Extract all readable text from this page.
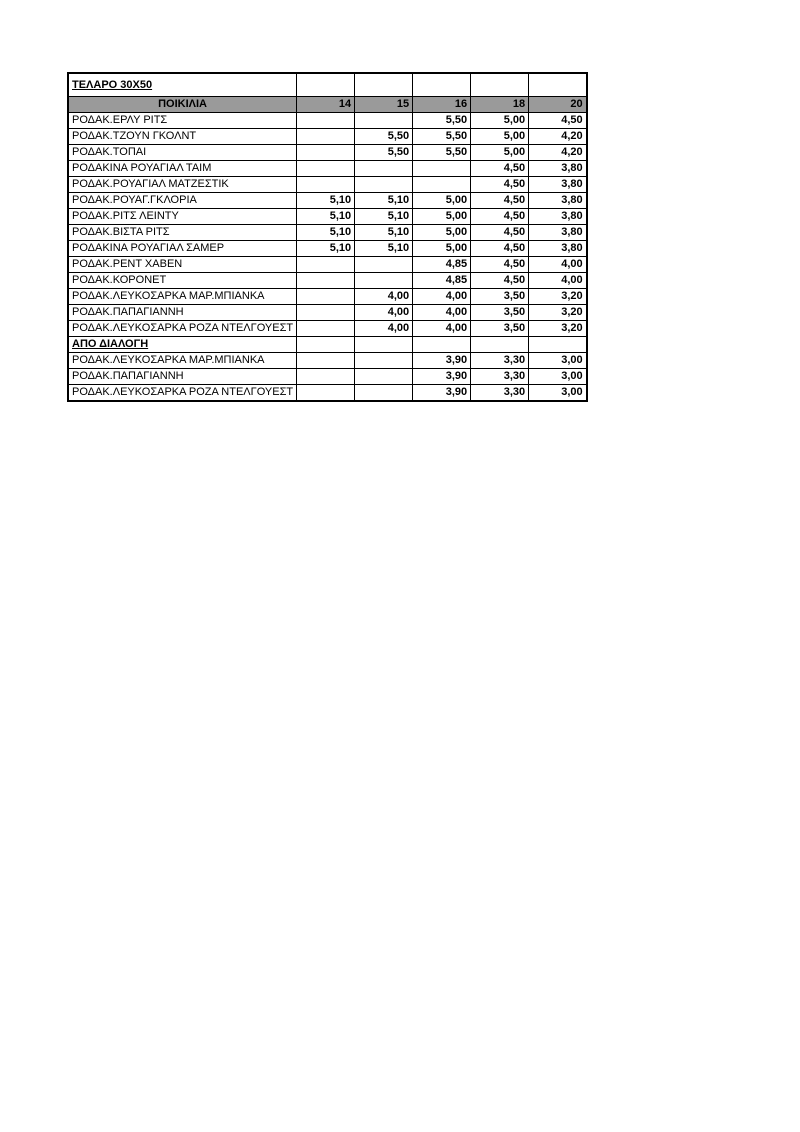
ΤΕΛΑΡΟ 30Χ50					
ΠΟΙΚΙΛΙΑ	14	15	16	18	20
ΡΟΔΑΚ.ΕΡΛΥ ΡΙΤΣ			5,50	5,00	4,50
ΡΟΔΑΚ.ΤΖΟΥΝ ΓΚΟΛΝΤ		5,50	5,50	5,00	4,20
ΡΟΔΑΚ.ΤΟΠΑΙ		5,50	5,50	5,00	4,20
ΡΟΔΑΚΙΝΑ ΡΟΥΑΓΙΑΛ ΤΑΙΜ				4,50	3,80
ΡΟΔΑΚ.ΡΟΥΑΓΙΑΛ ΜΑΤΖΕΣΤΙΚ				4,50	3,80
ΡΟΔΑΚ.ΡΟΥΑΓ.ΓΚΛΟΡΙΑ	5,10	5,10	5,00	4,50	3,80
ΡΟΔΑΚ.ΡΙΤΣ ΛΕΙΝΤΥ	5,10	5,10	5,00	4,50	3,80
ΡΟΔΑΚ.ΒΙΣΤΑ ΡΙΤΣ	5,10	5,10	5,00	4,50	3,80
ΡΟΔΑΚΙΝΑ ΡΟΥΑΓΙΑΛ ΣΑΜΕΡ	5,10	5,10	5,00	4,50	3,80
ΡΟΔΑΚ.ΡΕΝΤ ΧΑΒΕΝ			4,85	4,50	4,00
ΡΟΔΑΚ.ΚΟΡΟΝΕΤ			4,85	4,50	4,00
ΡΟΔΑΚ.ΛΕΥΚΟΣΑΡΚΑ ΜΑΡ.ΜΠΙΑΝΚΑ		4,00	4,00	3,50	3,20
ΡΟΔΑΚ.ΠΑΠΑΓΙΑΝΝΗ		4,00	4,00	3,50	3,20
ΡΟΔΑΚ.ΛΕΥΚΟΣΑΡΚΑ ΡΟΖΑ ΝΤΕΛΓΟΥΕΣΤ		4,00	4,00	3,50	3,20
ΑΠΟ ΔΙΑΛΟΓΗ					
ΡΟΔΑΚ.ΛΕΥΚΟΣΑΡΚΑ ΜΑΡ.ΜΠΙΑΝΚΑ			3,90	3,30	3,00
ΡΟΔΑΚ.ΠΑΠΑΓΙΑΝΝΗ			3,90	3,30	3,00
ΡΟΔΑΚ.ΛΕΥΚΟΣΑΡΚΑ ΡΟΖΑ ΝΤΕΛΓΟΥΕΣΤ			3,90	3,30	3,00
